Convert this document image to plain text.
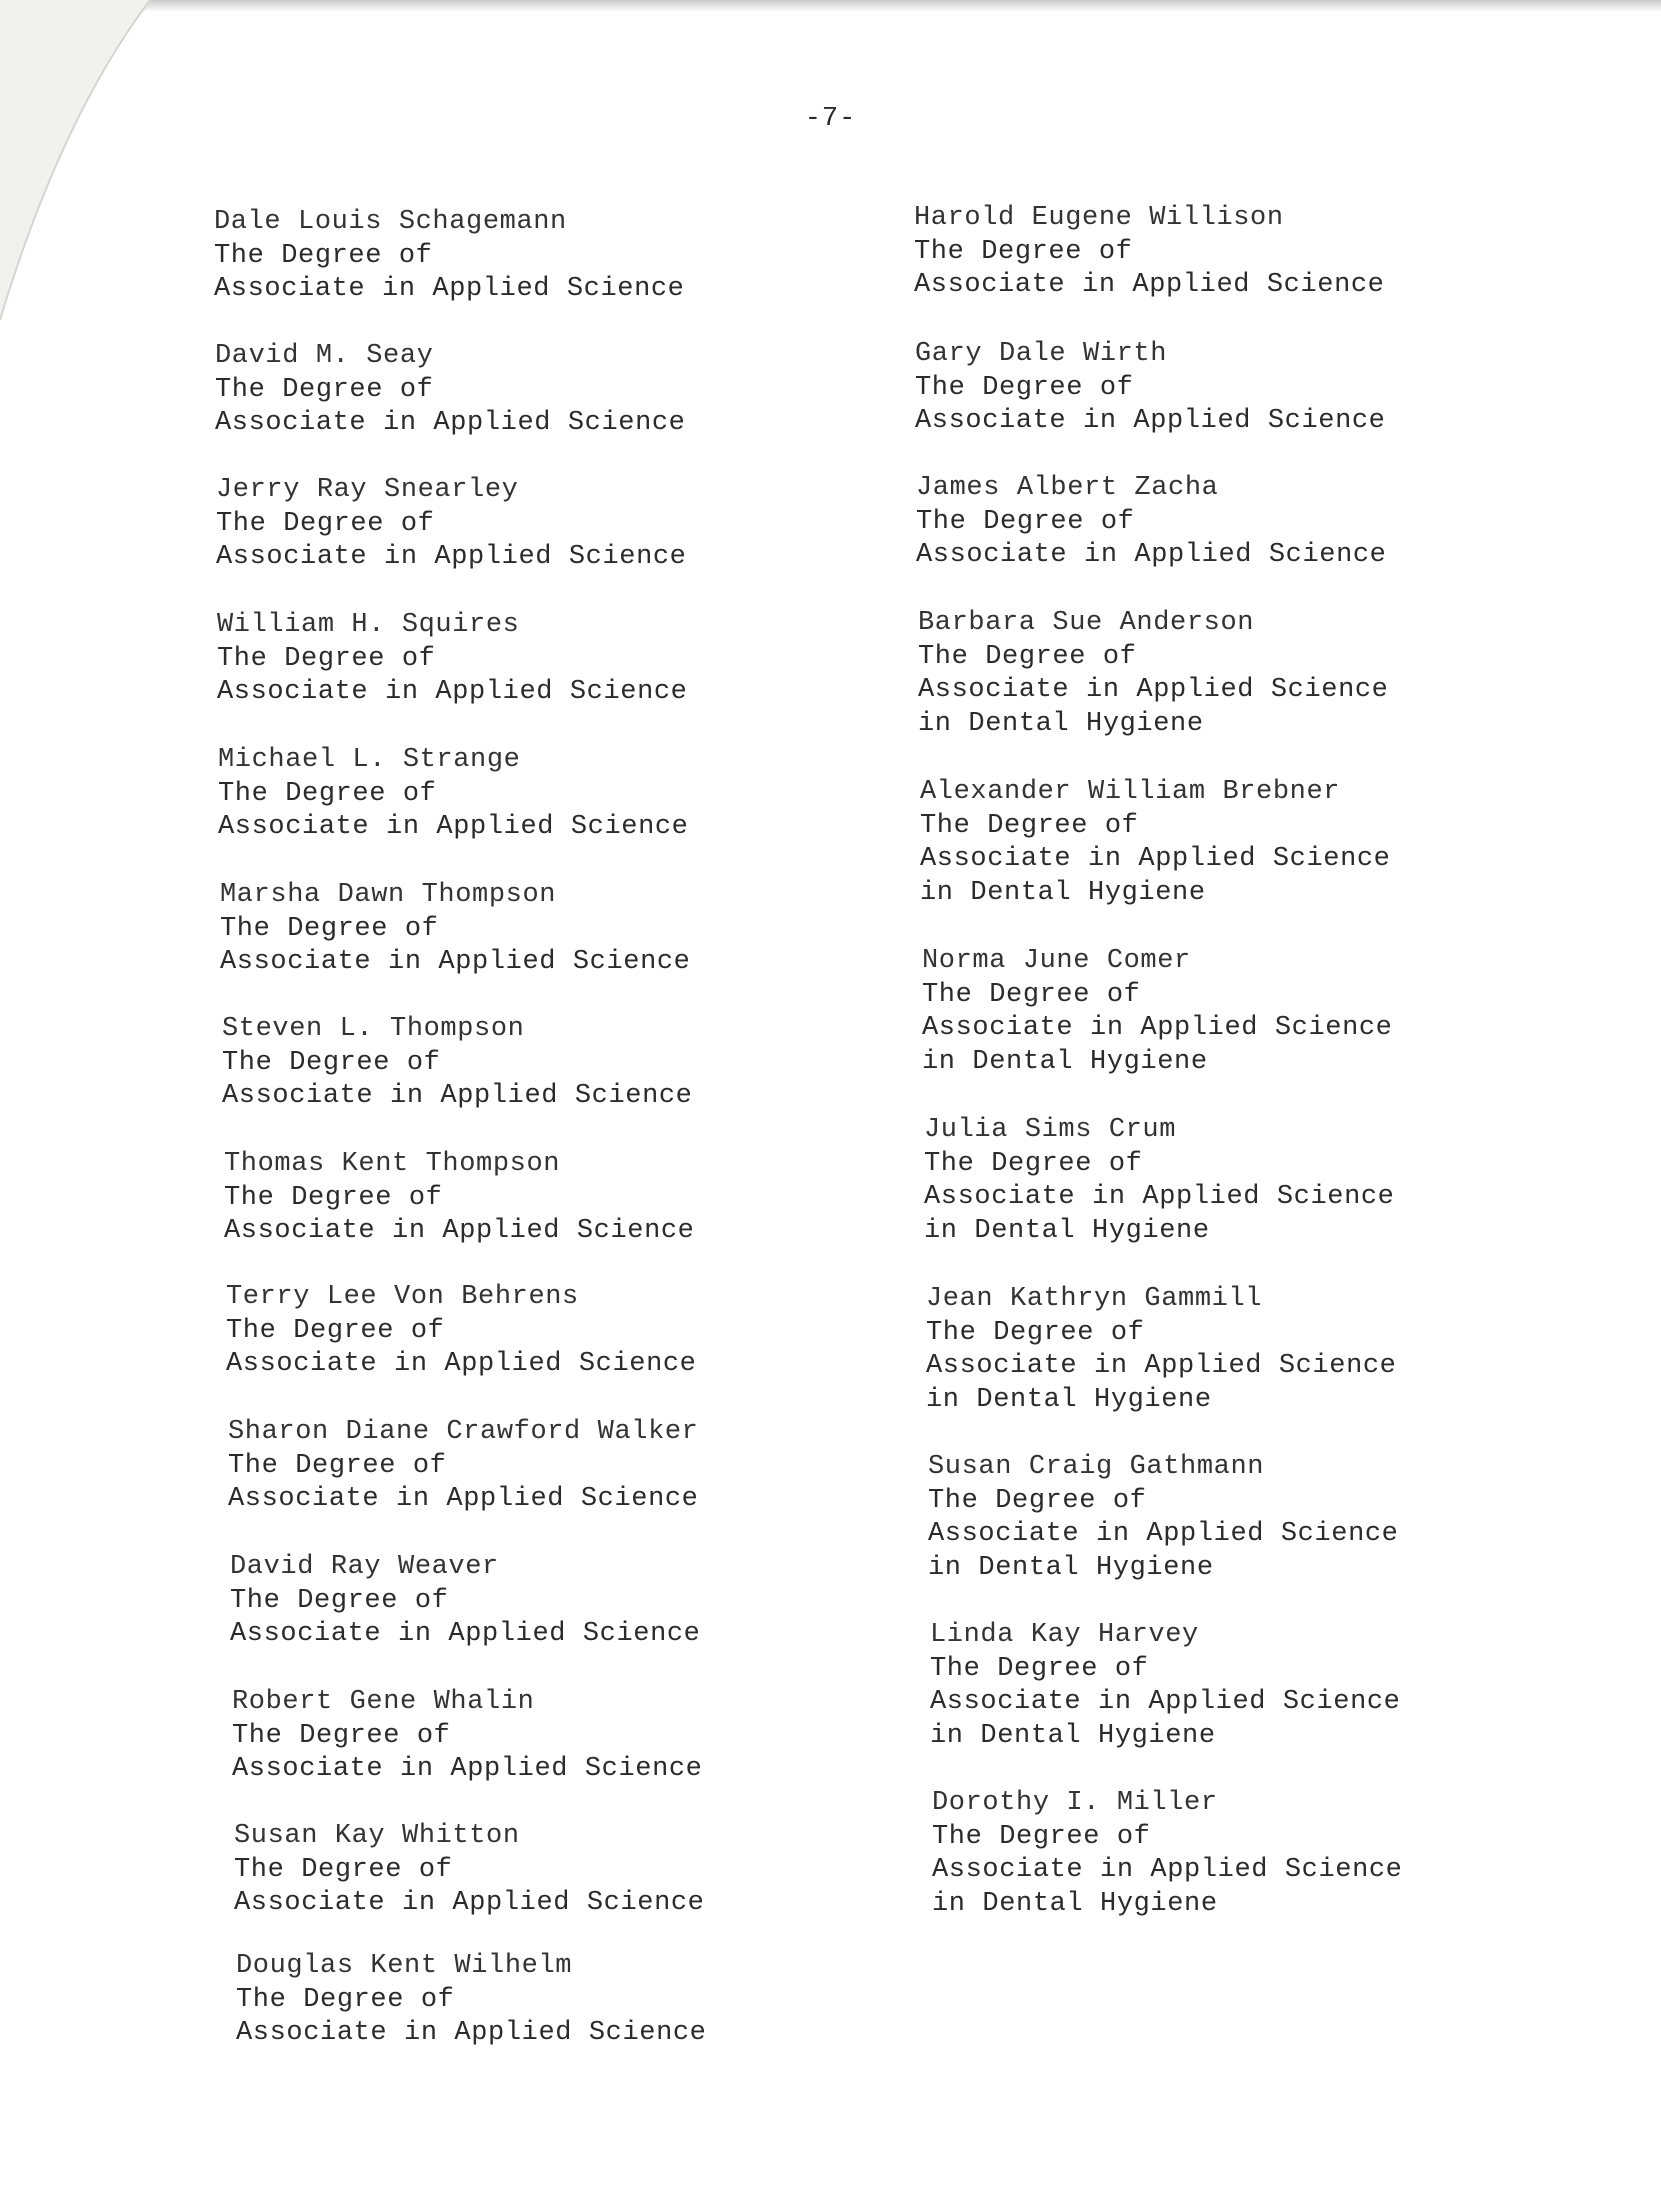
-7-
Dale Louis Schagemann
The Degree of
Associate in Applied Science
David M. Seay
The Degree of
Associate in Applied Science
Jerry Ray Snearley
The Degree of
Associate in Applied Science
William H. Squires
The Degree of
Associate in Applied Science
Michael L. Strange
The Degree of
Associate in Applied Science
Marsha Dawn Thompson
The Degree of
Associate in Applied Science
Steven L. Thompson
The Degree of
Associate in Applied Science
Thomas Kent Thompson
The Degree of
Associate in Applied Science
Terry Lee Von Behrens
The Degree of
Associate in Applied Science
Sharon Diane Crawford Walker
The Degree of
Associate in Applied Science
David Ray Weaver
The Degree of
Associate in Applied Science
Robert Gene Whalin
The Degree of
Associate in Applied Science
Susan Kay Whitton
The Degree of
Associate in Applied Science
Douglas Kent Wilhelm
The Degree of
Associate in Applied Science
Harold Eugene Willison
The Degree of
Associate in Applied Science
Gary Dale Wirth
The Degree of
Associate in Applied Science
James Albert Zacha
The Degree of
Associate in Applied Science
Barbara Sue Anderson
The Degree of
Associate in Applied Science
in Dental Hygiene
Alexander William Brebner
The Degree of
Associate in Applied Science
in Dental Hygiene
Norma June Comer
The Degree of
Associate in Applied Science
in Dental Hygiene
Julia Sims Crum
The Degree of
Associate in Applied Science
in Dental Hygiene
Jean Kathryn Gammill
The Degree of
Associate in Applied Science
in Dental Hygiene
Susan Craig Gathmann
The Degree of
Associate in Applied Science
in Dental Hygiene
Linda Kay Harvey
The Degree of
Associate in Applied Science
in Dental Hygiene
Dorothy I. Miller
The Degree of
Associate in Applied Science
in Dental Hygiene
